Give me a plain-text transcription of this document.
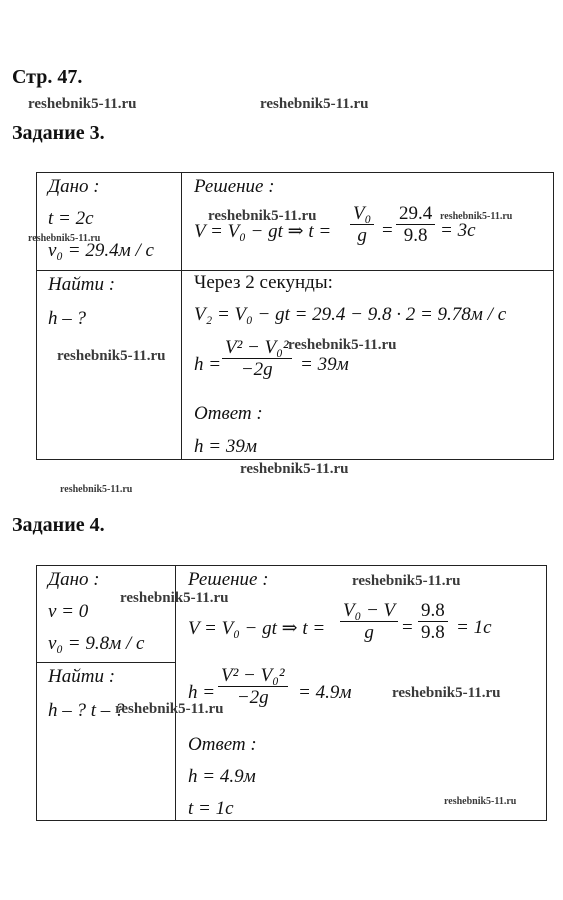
Стр. 47.
reshebnik5-11.ru	reshebnik5-11.ru
Задание 3.
Дано :
t = 2c
v₀ = 29.4м / c
Найти :
h – ?
Решение :
V = V₀ − gt ⇒ $t = \frac{\text{V₀}}{g} = \frac{29.4}{9.8} = 3c$
Через 2 секунды:
V₂ = V₀ − gt = 29.4 − 9.8 · 2 = 9.78м / c
$h = \frac{\text{V² − V₀²}}{-2g} = 39м$
Ответ :
h = 39м
reshebnik5-11.ru	reshebnik5-11.ru
reshebnik5-11.ru
reshebnik5-11.ru
reshebnik5-11.ru
reshebnik5-11.ru
reshebnik5-11.ru
Задание 4.
Дано :
v = 0
v₀ = 9.8м / c
Найти :
h – ? t – ?
Решение :
V = V₀ − gt ⇒ $t = \frac{\text{V₀ − V}}{g} = \frac{9.8}{9.8} = 1c$
$h = \frac{\text{V² − V₀²}}{-2g} = 4.9м$
Ответ :
h = 4.9м
t = 1c
reshebnik5-11.ru
reshebnik5-11.ru
reshebnik5-11.ru
reshebnik5-11.ru
reshebnik5-11.ru
